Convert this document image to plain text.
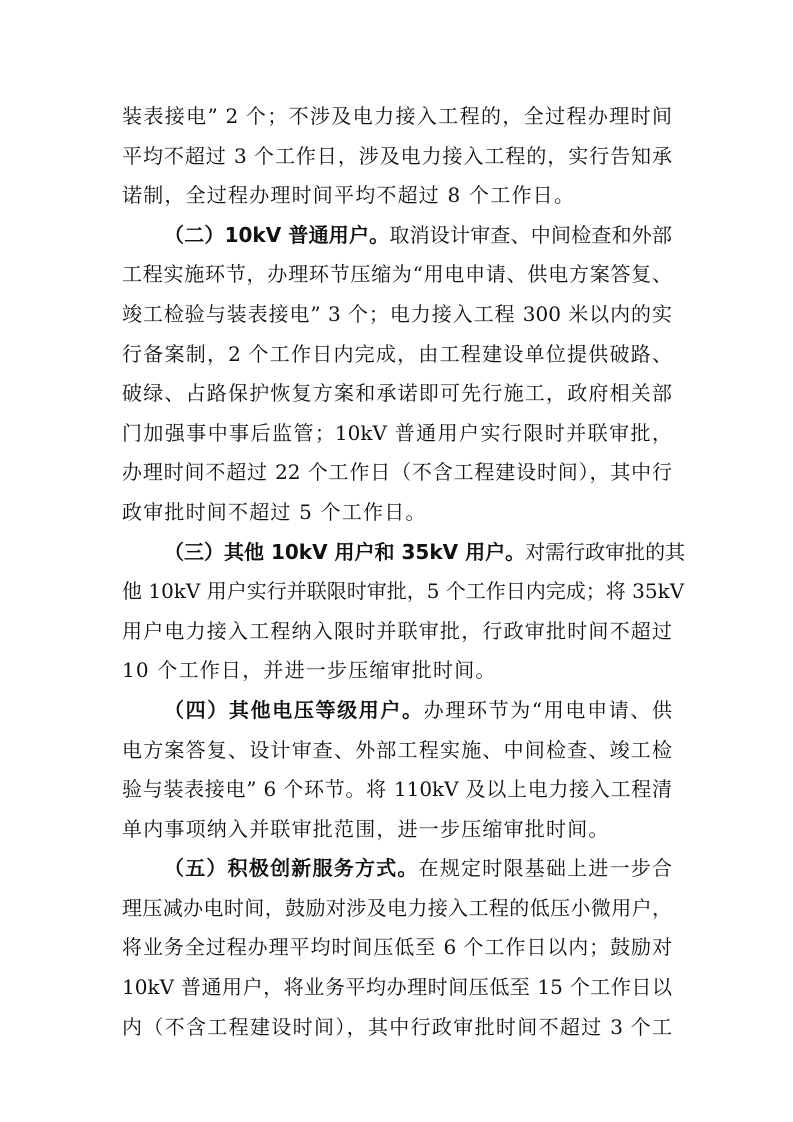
装表接电” 2 个；不涉及电力接入工程的，全过程办理时间
平均不超过 3 个工作日，涉及电力接入工程的，实行告知承
诺制，全过程办理时间平均不超过 8 个工作日。
（二）10kV 普通用户。取消设计审查、中间检查和外部
工程实施环节，办理环节压缩为“用电申请、供电方案答复、
竣工检验与装表接电” 3 个；电力接入工程 300 米以内的实
行备案制，2 个工作日内完成，由工程建设单位提供破路、
破绿、占路保护恢复方案和承诺即可先行施工，政府相关部
门加强事中事后监管；10kV 普通用户实行限时并联审批，
办理时间不超过 22 个工作日（不含工程建设时间），其中行
政审批时间不超过 5 个工作日。
（三）其他 10kV 用户和 35kV 用户。对需行政审批的其
他 10kV 用户实行并联限时审批，5 个工作日内完成；将 35kV
用户电力接入工程纳入限时并联审批，行政审批时间不超过
10 个工作日，并进一步压缩审批时间。
（四）其他电压等级用户。办理环节为“用电申请、供
电方案答复、设计审查、外部工程实施、中间检查、竣工检
验与装表接电” 6 个环节。将 110kV 及以上电力接入工程清
单内事项纳入并联审批范围，进一步压缩审批时间。
（五）积极创新服务方式。在规定时限基础上进一步合
理压减办电时间，鼓励对涉及电力接入工程的低压小微用户，
将业务全过程办理平均时间压低至 6 个工作日以内；鼓励对
10kV 普通用户，将业务平均办理时间压低至 15 个工作日以
内（不含工程建设时间），其中行政审批时间不超过 3 个工
